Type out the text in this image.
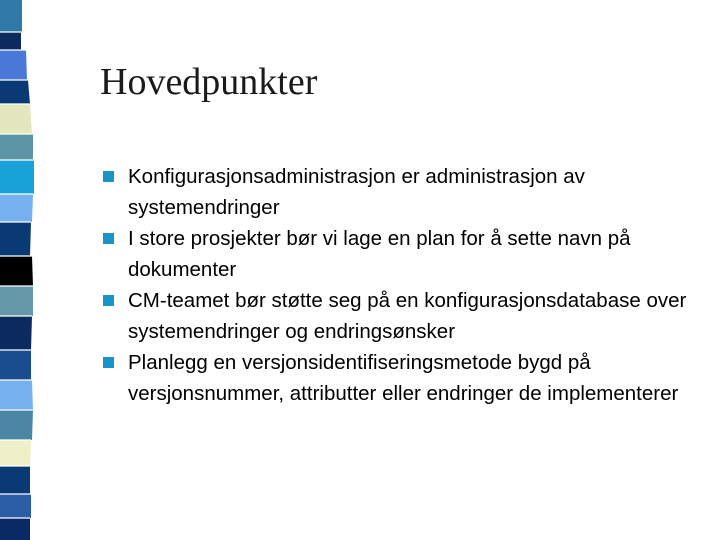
Hovedpunkter
Konfigurasjonsadministrasjon er administrasjon av systemendringer
I store prosjekter bør vi lage en plan for å sette navn på dokumenter
CM-teamet bør støtte seg på en konfigurasjonsdatabase over systemendringer og endringsønsker
Planlegg en versjonsidentifiseringsmetode bygd på versjonsnummer, attributter eller endringer de implementerer
